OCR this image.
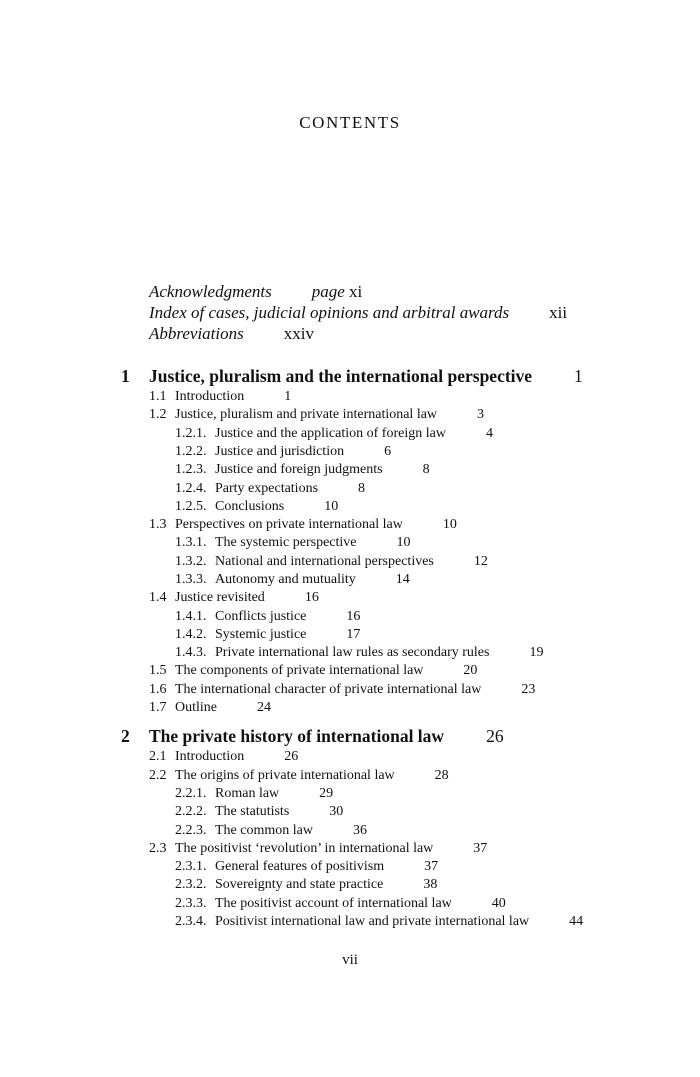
CONTENTS
Acknowledgments page xi
Index of cases, judicial opinions and arbitral awards xii
Abbreviations xxiv
1 Justice, pluralism and the international perspective 1
1.1 Introduction	1
1.2 Justice, pluralism and private international law	3
1.2.1. Justice and the application of foreign law	4
1.2.2. Justice and jurisdiction	6
1.2.3. Justice and foreign judgments	8
1.2.4. Party expectations	8
1.2.5. Conclusions	10
1.3 Perspectives on private international law	10
1.3.1. The systemic perspective	10
1.3.2. National and international perspectives	12
1.3.3. Autonomy and mutuality	14
1.4 Justice revisited	16
1.4.1. Conflicts justice	16
1.4.2. Systemic justice	17
1.4.3. Private international law rules as secondary rules	19
1.5 The components of private international law	20
1.6 The international character of private international law	23
1.7 Outline	24
2 The private history of international law 26
2.1 Introduction	26
2.2 The origins of private international law	28
2.2.1. Roman law	29
2.2.2. The statutists	30
2.2.3. The common law	36
2.3 The positivist ‘revolution’ in international law	37
2.3.1. General features of positivism	37
2.3.2. Sovereignty and state practice	38
2.3.3. The positivist account of international law	40
2.3.4. Positivist international law and private international law	44
vii
